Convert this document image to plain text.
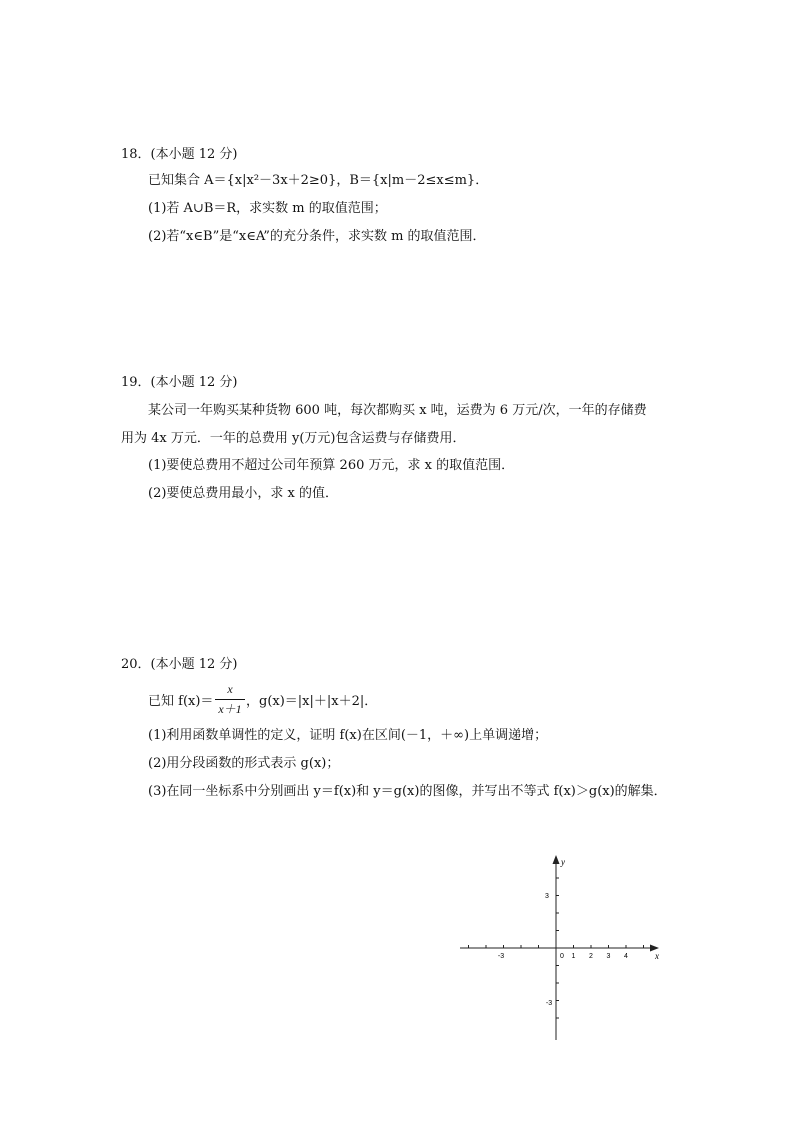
18．(本小题 12 分)
已知集合 A＝{x|x²－3x＋2≥0}，B＝{x|m－2≤x≤m}．
(1)若 A∪B＝R，求实数 m 的取值范围；
(2)若“x∈B”是“x∈A”的充分条件，求实数 m 的取值范围．
19．(本小题 12 分)
某公司一年购买某种货物 600 吨，每次都购买 x 吨，运费为 6 万元/次，一年的存储费
用为 4x 万元．一年的总费用 y(万元)包含运费与存储费用．
(1)要使总费用不超过公司年预算 260 万元，求 x 的取值范围．
(2)要使总费用最小，求 x 的值．
20．(本小题 12 分)
已知 f(x)＝
x
x＋1 ，g(x)＝|x|＋|x＋2|．
(1)利用函数单调性的定义，证明 f(x)在区间(－1，＋∞)上单调递增；
(2)用分段函数的形式表示 g(x)；
(3)在同一坐标系中分别画出 y＝f(x)和 y＝g(x)的图像，并写出不等式 f(x)＞g(x)的解集．
-3	0 1 2 3 4
3
-3
x
y
